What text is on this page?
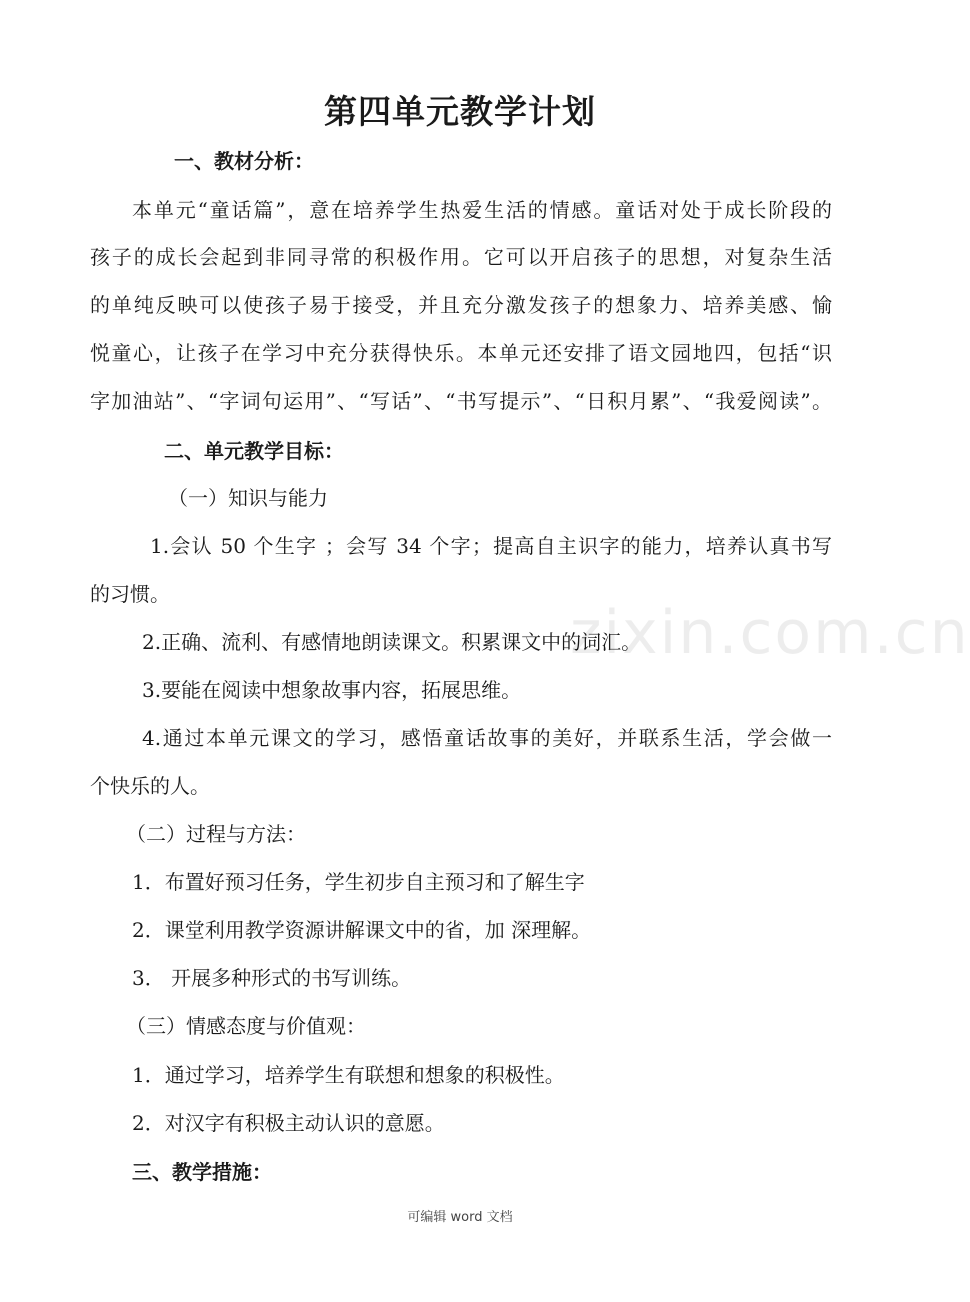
zixin.com.cn
第四单元教学计划
一、教材分析：
本单元“童话篇”，意在培养学生热爱生活的情感。童话对处于成长阶段的
孩子的成长会起到非同寻常的积极作用。它可以开启孩子的思想，对复杂生活
的单纯反映可以使孩子易于接受，并且充分激发孩子的想象力、培养美感、愉
悦童心，让孩子在学习中充分获得快乐。本单元还安排了语文园地四，包括“识
字加油站”、“字词句运用”、“写话”、“书写提示”、“日积月累”、“我爱阅读”。
二、单元教学目标：
（一）知识与能力
1.会认 50 个生字 ；会写 34 个字；提高自主识字的能力，培养认真书写
的习惯。
2.正确、流利、有感情地朗读课文。积累课文中的词汇。
3.要能在阅读中想象故事内容，拓展思维。
4.通过本单元课文的学习，感悟童话故事的美好，并联系生活，学会做一
个快乐的人。
（二）过程与方法：
1．布置好预习任务，学生初步自主预习和了解生字
2．课堂利用教学资源讲解课文中的省，加 深理解。
3． 开展多种形式的书写训练。
（三）情感态度与价值观：
1．通过学习，培养学生有联想和想象的积极性。
2．对汉字有积极主动认识的意愿。
三、教学措施：
可编辑 word 文档
